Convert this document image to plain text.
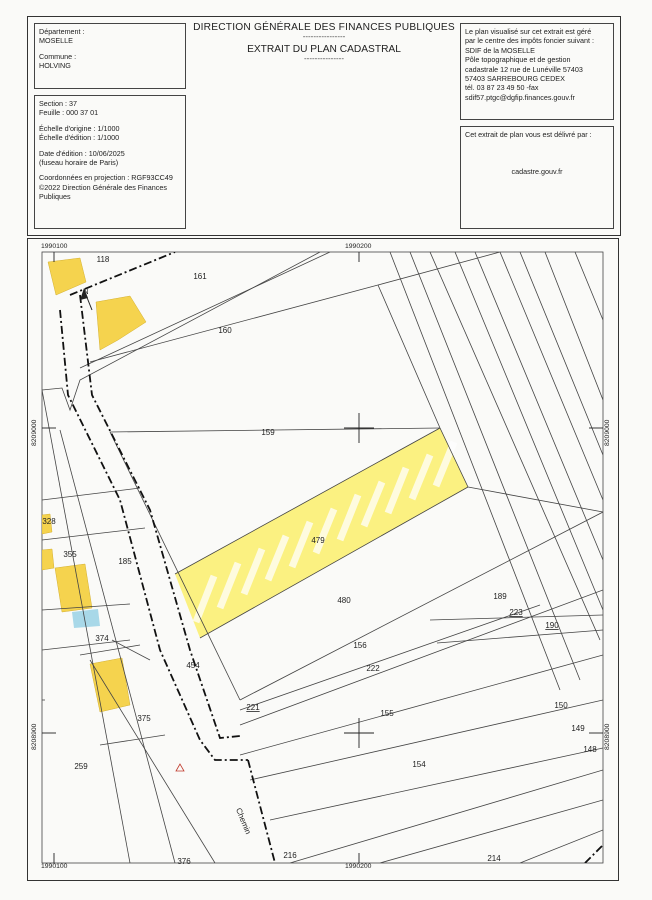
Département :
MOSELLE
Commune :
HOLVING
DIRECTION GÉNÉRALE DES FINANCES PUBLIQUES
----------------
EXTRAIT DU PLAN CADASTRAL
---------------
Section : 37
Feuille : 000 37 01
Échelle d'origine : 1/1000
Échelle d'édition : 1/1000
Date d'édition : 10/06/2025
(fuseau horaire de Paris)
Coordonnées en projection : RGF93CC49
©2022 Direction Générale des Finances
Publiques
Le plan visualisé sur cet extrait est géré
par le centre des impôts foncier suivant :
SDIF de la MOSELLE
Pôle topographique et de gestion
cadastrale 12 rue de Lunéville 57403
57403 SARREBOURG CEDEX
tél. 03 87 23 49 50 -fax
sdif57.ptgc@dgfip.finances.gouv.fr
Cet extrait de plan vous est délivré par :
cadastre.gouv.fr
1990100	1990200
1990100	1990200
8209000
8208900
8209000
8208900
N
118
161
160
159
479
328
355
185
480	189
223
190
374
156
222
454
221
155
150
375
149
148
259	154
216
376	214
Chemin
